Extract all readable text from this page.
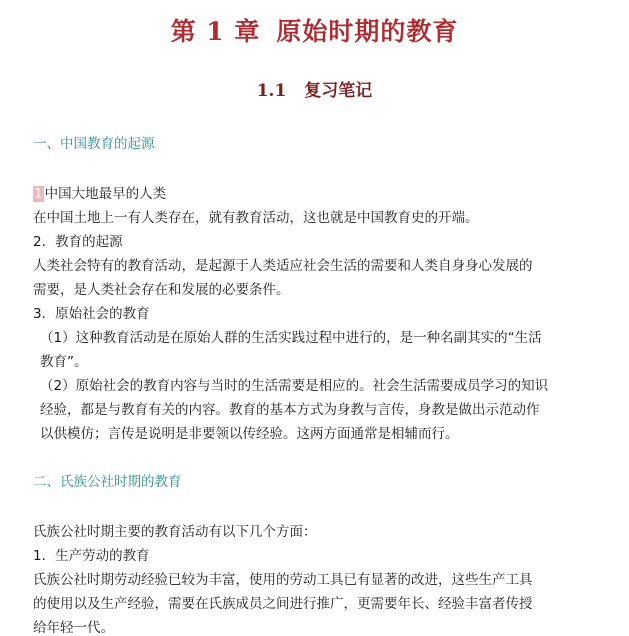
第 1 章 原始时期的教育
1.1 复习笔记
一、中国教育的起源
1 中国大地最早的人类
在中国土地上一有人类存在，就有教育活动，这也就是中国教育史的开端。
2．教育的起源
人类社会特有的教育活动，是起源于人类适应社会生活的需要和人类自身身心发展的
需要，是人类社会存在和发展的必要条件。
3．原始社会的教育
（1）这种教育活动是在原始人群的生活实践过程中进行的，是一种名副其实的“生活
教育”。
（2）原始社会的教育内容与当时的生活需要是相应的。社会生活需要成员学习的知识
经验，都是与教育有关的内容。教育的基本方式为身教与言传，身教是做出示范动作
以供模仿；言传是说明是非要领以传经验。这两方面通常是相辅而行。
二、氏族公社时期的教育
氏族公社时期主要的教育活动有以下几个方面：
1．生产劳动的教育
氏族公社时期劳动经验已较为丰富，使用的劳动工具已有显著的改进，这些生产工具
的使用以及生产经验，需要在氏族成员之间进行推广，更需要年长、经验丰富者传授
给年轻一代。
